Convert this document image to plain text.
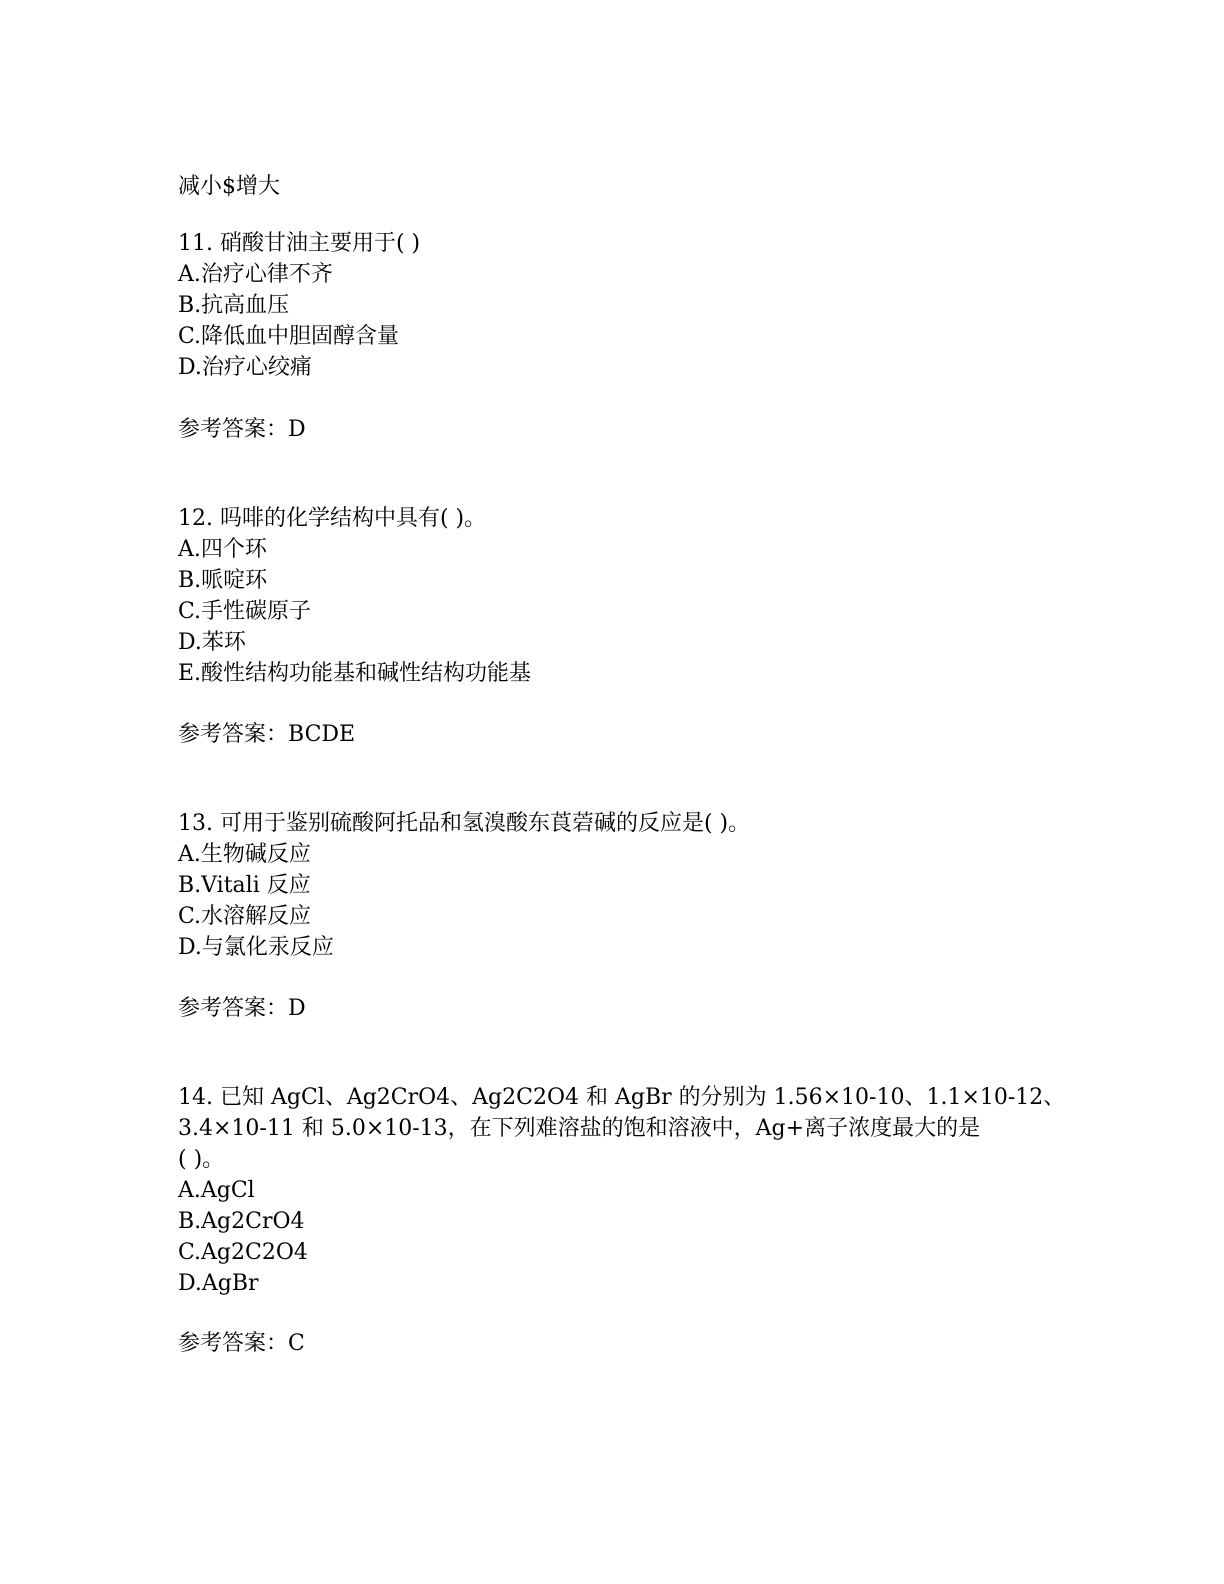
减小$增大
11. 硝酸甘油主要用于( )
A.治疗心律不齐
B.抗高血压
C.降低血中胆固醇含量
D.治疗心绞痛
参考答案：D
12. 吗啡的化学结构中具有( )。
A.四个环
B.哌啶环
C.手性碳原子
D.苯环
E.酸性结构功能基和碱性结构功能基
参考答案：BCDE
13. 可用于鉴别硫酸阿托品和氢溴酸东莨菪碱的反应是( )。
A.生物碱反应
B.Vitali 反应
C.水溶解反应
D.与氯化汞反应
参考答案：D
14. 已知 AgCl、Ag2CrO4、Ag2C2O4 和 AgBr 的分别为 1.56×10-10、1.1×10-12、
3.4×10-11 和 5.0×10-13，在下列难溶盐的饱和溶液中，Ag+离子浓度最大的是
( )。
A.AgCl
B.Ag2CrO4
C.Ag2C2O4
D.AgBr
参考答案：C
